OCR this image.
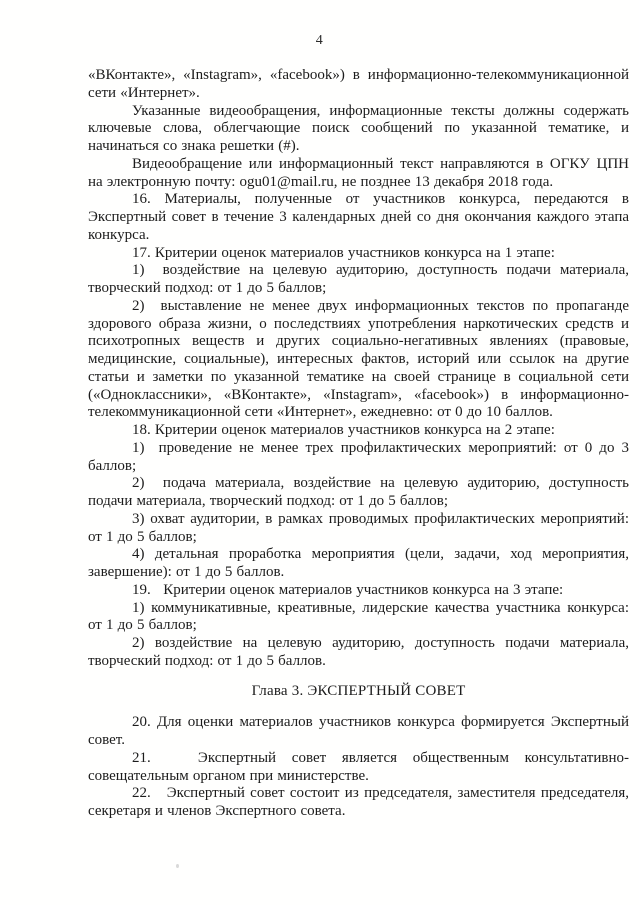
4

«ВКонтакте», «Instagram», «facebook») в информационно-телекоммуникационной сети «Интернет».

Указанные видеообращения, информационные тексты должны содержать ключевые слова, облегчающие поиск сообщений по указанной тематике, и начинаться со знака решетки (#).

Видеообращение или информационный текст направляются в ОГКУ ЦПН на электронную почту: ogu01@mail.ru, не позднее 13 декабря 2018 года.

16. Материалы, полученные от участников конкурса, передаются в Экспертный совет в течение 3 календарных дней со дня окончания каждого этапа конкурса.

17. Критерии оценок материалов участников конкурса на 1 этапе:

1)  воздействие на целевую аудиторию, доступность подачи материала, творческий подход: от 1 до 5 баллов;

2)  выставление не менее двух информационных текстов по пропаганде здорового образа жизни, о последствиях употребления наркотических средств и психотропных веществ и других социально-негативных явлениях (правовые, медицинские, социальные), интересных фактов, историй или ссылок на другие статьи и заметки по указанной тематике на своей странице в социальной сети («Одноклассники», «ВКонтакте», «Instagram», «facebook») в информационно-телекоммуникационной сети «Интернет», ежедневно: от 0 до 10 баллов.

18. Критерии оценок материалов участников конкурса на 2 этапе:

1)  проведение не менее трех профилактических мероприятий: от 0 до 3 баллов;

2)  подача материала, воздействие на целевую аудиторию, доступность подачи материала, творческий подход: от 1 до 5 баллов;

3) охват аудитории, в рамках проводимых профилактических мероприятий: от 1 до 5 баллов;

4) детальная проработка мероприятия (цели, задачи, ход мероприятия, завершение): от 1 до 5 баллов.

19.   Критерии оценок материалов участников конкурса на 3 этапе:

1) коммуникативные, креативные, лидерские качества участника конкурса: от 1 до 5 баллов;

2) воздействие на целевую аудиторию, доступность подачи материала, творческий подход: от 1 до 5 баллов.

Глава 3. ЭКСПЕРТНЫЙ СОВЕТ

20. Для оценки материалов участников конкурса формируется Экспертный совет.

21.   Экспертный совет является общественным консультативно-совещательным органом при министерстве.

22.   Экспертный совет состоит из председателя, заместителя председателя, секретаря и членов Экспертного совета.
